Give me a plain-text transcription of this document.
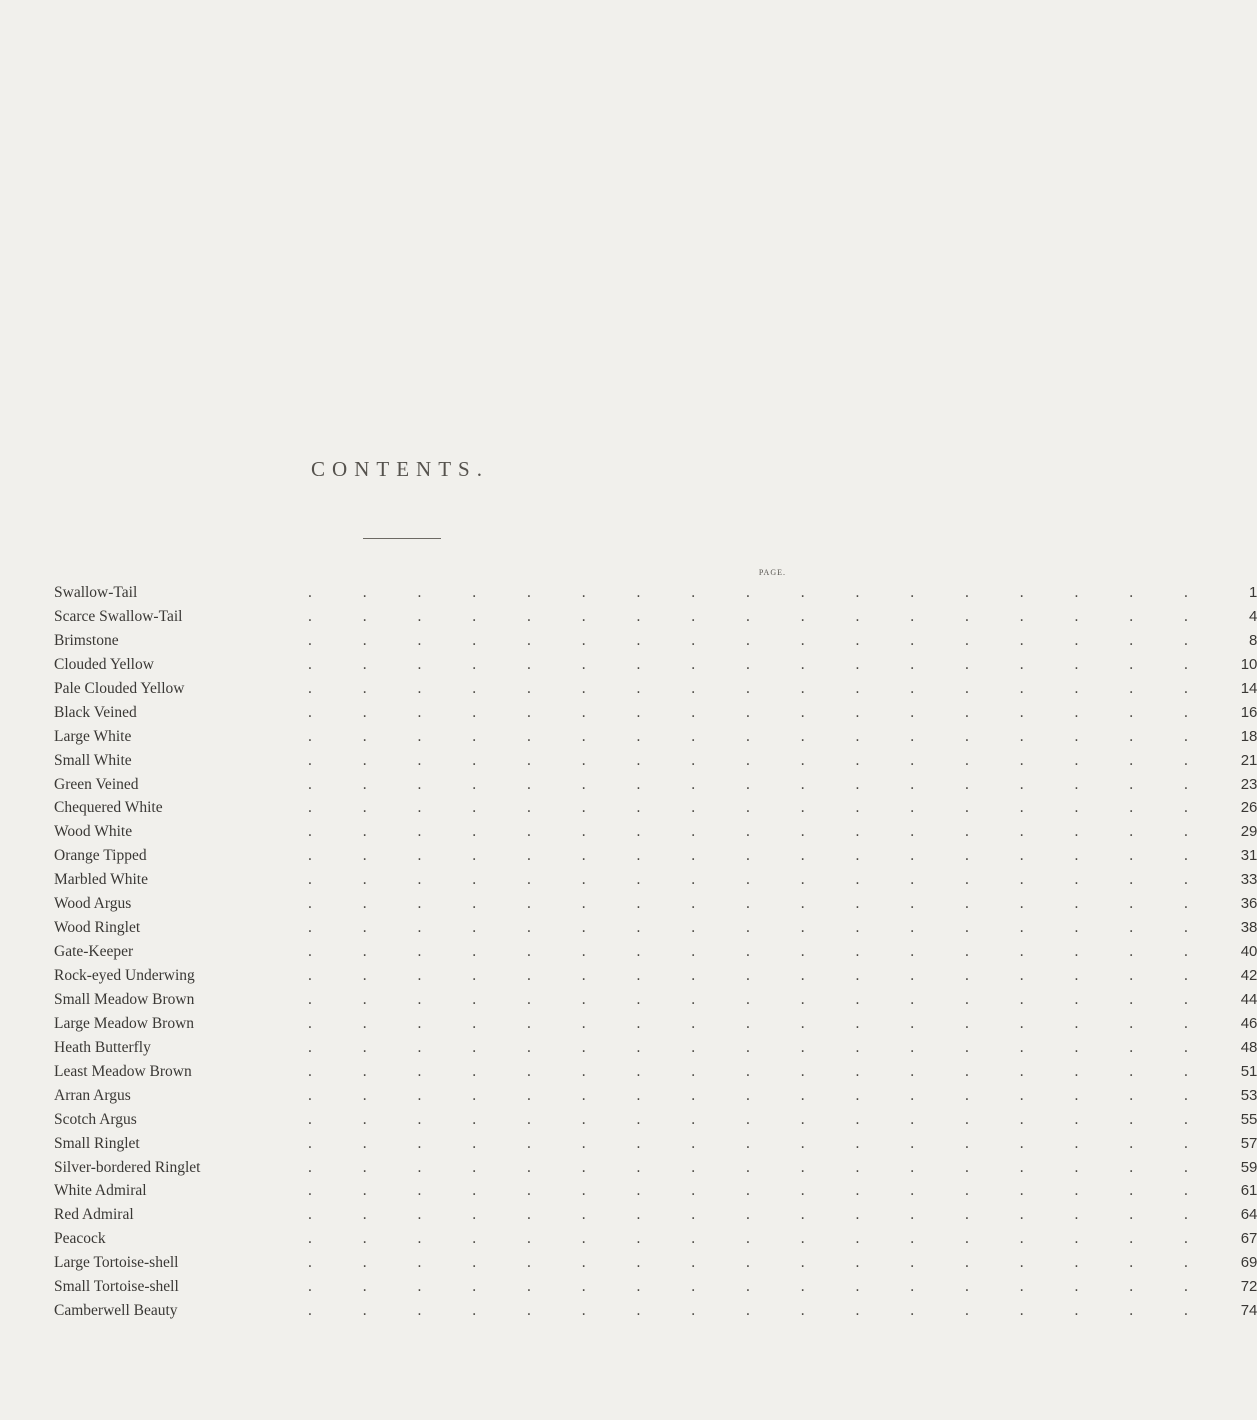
CONTENTS.
PAGE.
Swallow-Tail	. . . . . . . . . . . . . . . . .	1
Scarce Swallow-Tail	. . . . . . . . . . . . . . . . .	4
Brimstone	. . . . . . . . . . . . . . . . .	8
Clouded Yellow	. . . . . . . . . . . . . . . . .	10
Pale Clouded Yellow	. . . . . . . . . . . . . . . . .	14
Black Veined	. . . . . . . . . . . . . . . . .	16
Large White	. . . . . . . . . . . . . . . . .	18
Small White	. . . . . . . . . . . . . . . . .	21
Green Veined	. . . . . . . . . . . . . . . . .	23
Chequered White	. . . . . . . . . . . . . . . . .	26
Wood White	. . . . . . . . . . . . . . . . .	29
Orange Tipped	. . . . . . . . . . . . . . . . .	31
Marbled White	. . . . . . . . . . . . . . . . .	33
Wood Argus	. . . . . . . . . . . . . . . . .	36
Wood Ringlet	. . . . . . . . . . . . . . . . .	38
Gate-Keeper	. . . . . . . . . . . . . . . . .	40
Rock-eyed Underwing	. . . . . . . . . . . . . . . . .	42
Small Meadow Brown	. . . . . . . . . . . . . . . . .	44
Large Meadow Brown	. . . . . . . . . . . . . . . . .	46
Heath Butterfly	. . . . . . . . . . . . . . . . .	48
Least Meadow Brown	. . . . . . . . . . . . . . . . .	51
Arran Argus	. . . . . . . . . . . . . . . . .	53
Scotch Argus	. . . . . . . . . . . . . . . . .	55
Small Ringlet	. . . . . . . . . . . . . . . . .	57
Silver-bordered Ringlet	. . . . . . . . . . . . . . . . .	59
White Admiral	. . . . . . . . . . . . . . . . .	61
Red Admiral	. . . . . . . . . . . . . . . . .	64
Peacock	. . . . . . . . . . . . . . . . .	67
Large Tortoise-shell	. . . . . . . . . . . . . . . . .	69
Small Tortoise-shell	. . . . . . . . . . . . . . . . .	72
Camberwell Beauty	. . . . . . . . . . . . . . . . .	74
